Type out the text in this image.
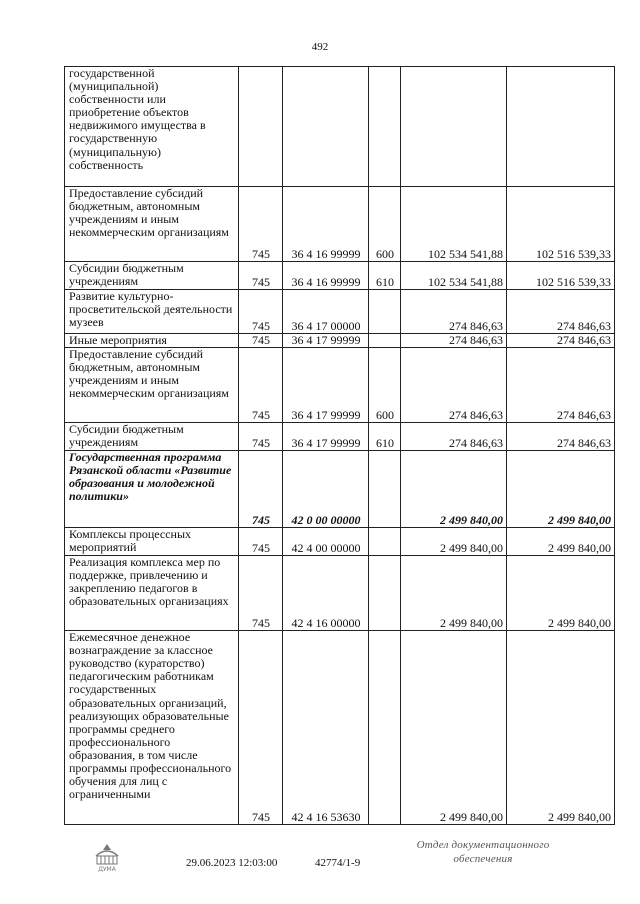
492
государственной (муниципальной) собственности или приобретение объектов недвижимого имущества в государственную (муниципальную) собственность					
Предоставление субсидий бюджетным, автономным учреждениям и иным некоммерческим организациям	745	36 4 16 99999	600	102 534 541,88	102 516 539,33
Субсидии бюджетным учреждениям	745	36 4 16 99999	610	102 534 541,88	102 516 539,33
Развитие культурно-просветительской деятельности музеев	745	36 4 17 00000		274 846,63	274 846,63
Иные мероприятия	745	36 4 17 99999		274 846,63	274 846,63
Предоставление субсидий бюджетным, автономным учреждениям и иным некоммерческим организациям	745	36 4 17 99999	600	274 846,63	274 846,63
Субсидии бюджетным учреждениям	745	36 4 17 99999	610	274 846,63	274 846,63
Государственная программа Рязанской области «Развитие образования и молодежной политики»	745	42 0 00 00000		2 499 840,00	2 499 840,00
Комплексы процессных мероприятий	745	42 4 00 00000		2 499 840,00	2 499 840,00
Реализация комплекса мер по поддержке, привлечению и закреплению педагогов в образовательных организациях	745	42 4 16 00000		2 499 840,00	2 499 840,00
Ежемесячное денежное вознаграждение за классное руководство (кураторство) педагогическим работникам государственных образовательных организаций, реализующих образовательные программы среднего профессионального образования, в том числе программы профессионального обучения для лиц с ограниченными	745	42 4 16 53630		2 499 840,00	2 499 840,00
ДУМА
29.06.2023 12:03:00	42774/1-9
Отдел документационного
обеспечения
